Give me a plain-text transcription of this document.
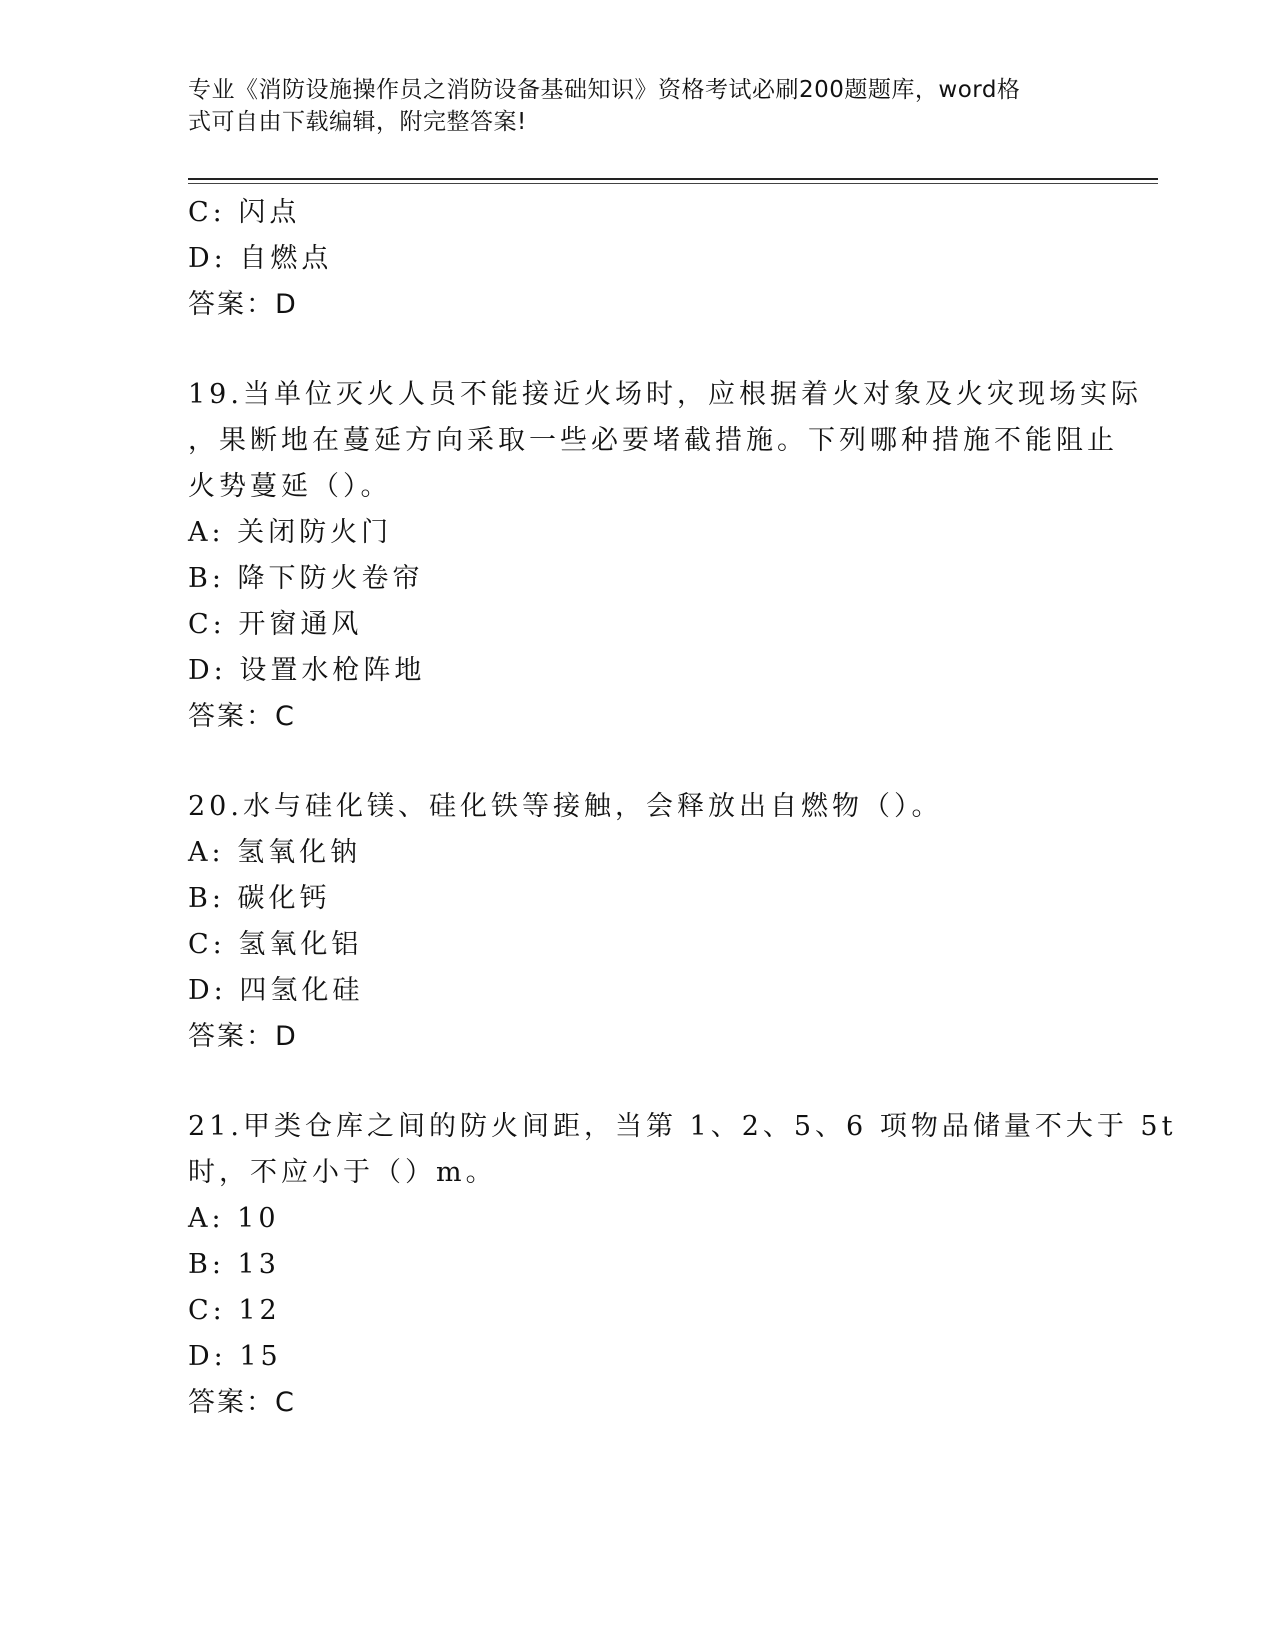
专业《消防设施操作员之消防设备基础知识》资格考试必刷200题题库，word格
式可自由下载编辑，附完整答案!
C: 闪点
D: 自燃点
答案：D
19.当单位灭火人员不能接近火场时，应根据着火对象及火灾现场实际
，果断地在蔓延方向采取一些必要堵截措施。下列哪种措施不能阻止
火势蔓延（）。
A: 关闭防火门
B: 降下防火卷帘
C: 开窗通风
D: 设置水枪阵地
答案：C
20.水与硅化镁、硅化铁等接触，会释放出自燃物（）。
A: 氢氧化钠
B: 碳化钙
C: 氢氧化铝
D: 四氢化硅
答案：D
21.甲类仓库之间的防火间距，当第 1、2、5、6 项物品储量不大于 5t
时，不应小于（）m。
A: 10
B: 13
C: 12
D: 15
答案：C
